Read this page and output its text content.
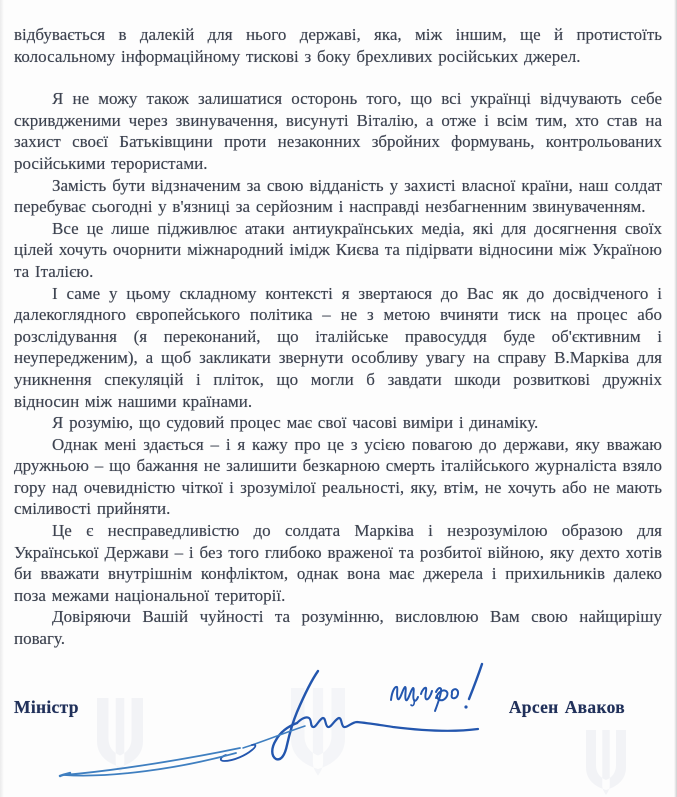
відбувається в далекій для нього державі, яка, між іншим, ще й протистоїть колосальному інформаційному тискові з боку брехливих російських джерел.

Я не можу також залишатися осторонь того, що всі українці відчувають себе скривдженими через звинувачення, висунуті Віталію, а отже і всім тим, хто став на захист своєї Батьківщини проти незаконних збройних формувань, контрольованих російськими терористами.

Замість бути відзначеним за свою відданість у захисті власної країни, наш солдат перебуває сьогодні у в'язниці за серйозним і насправді незбагненним звинуваченням.

Все це лише підживлює атаки антиукраїнських медіа, які для досягнення своїх цілей хочуть очорнити міжнародний імідж Києва та підірвати відносини між Україною та Італією.

І саме у цьому складному контексті я звертаюся до Вас як до досвідченого і далекоглядного європейського політика – не з метою вчиняти тиск на процес або розслідування (я переконаний, що італійське правосуддя буде об'єктивним і неупередженим), а щоб закликати звернути особливу увагу на справу В.Марківа для уникнення спекуляцій і пліток, що могли б завдати шкоди розвиткові дружніх відносин між нашими країнами.

Я розумію, що судовий процес має свої часові виміри і динаміку.

Однак мені здається – і я кажу про це з усією повагою до держави, яку вважаю дружньою – що бажання не залишити безкарною смерть італійського журналіста взяло гору над очевидністю чіткої і зрозумілої реальності, яку, втім, не хочуть або не мають сміливості прийняти.

Це є несправедливістю до солдата Марківа і незрозумілою образою для Української Держави – і без того глибоко враженої та розбитої війною, яку дехто хотів би вважати внутрішнім конфліктом, однак вона має джерела і прихильників далеко поза межами національної території.

Довіряючи Вашій чуйності та розумінню, висловлюю Вам свою найщирішу повагу.

Міністр	Арсен Аваков
